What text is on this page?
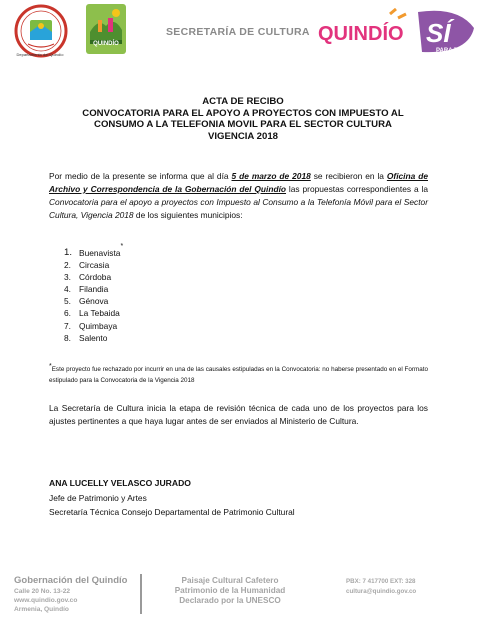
Departamento del Quindío
QUINDÍO
SECRETARÍA DE CULTURA QUINDÍO SÍ
PARA TI
ACTA DE RECIBO
CONVOCATORIA PARA EL APOYO A PROYECTOS CON IMPUESTO AL
CONSUMO A LA TELEFONIA MOVIL PARA EL SECTOR CULTURA
VIGENCIA 2018
Por medio de la presente se informa que al día 5 de marzo de 2018 se recibieron en la Oficina de Archivo y Correspondencia de la Gobernación del Quindío las propuestas correspondientes a la Convocatoria para el apoyo a proyectos con Impuesto al Consumo a la Telefonía Móvil para el Sector Cultura, Vigencia 2018 de los siguientes municipios:
1. Buenavista
*
2. Circasia
3. Córdoba
4. Filandia
5. Génova
6. La Tebaida
7. Quimbaya
8. Salento
*Este proyecto fue rechazado por incurrir en una de las causales estipuladas en la Convocatoria: no haberse presentado en el Formato estipulado para la Convocatoria de la Vigencia 2018
La Secretaría de Cultura inicia la etapa de revisión técnica de cada uno de los proyectos para los ajustes pertinentes a que haya lugar antes de ser enviados al Ministerio de Cultura.
ANA LUCELLY VELASCO JURADO
Jefe de Patrimonio y Artes
Secretaría Técnica Consejo Departamental de Patrimonio Cultural
Gobernación del Quindío
Calle 20 No. 13-22
www.quindio.gov.co
Armenia, Quindío
Paisaje Cultural Cafetero
Patrimonio de la Humanidad
Declarado por la UNESCO
PBX: 7 417700 EXT: 328
cultura@quindio.gov.co
